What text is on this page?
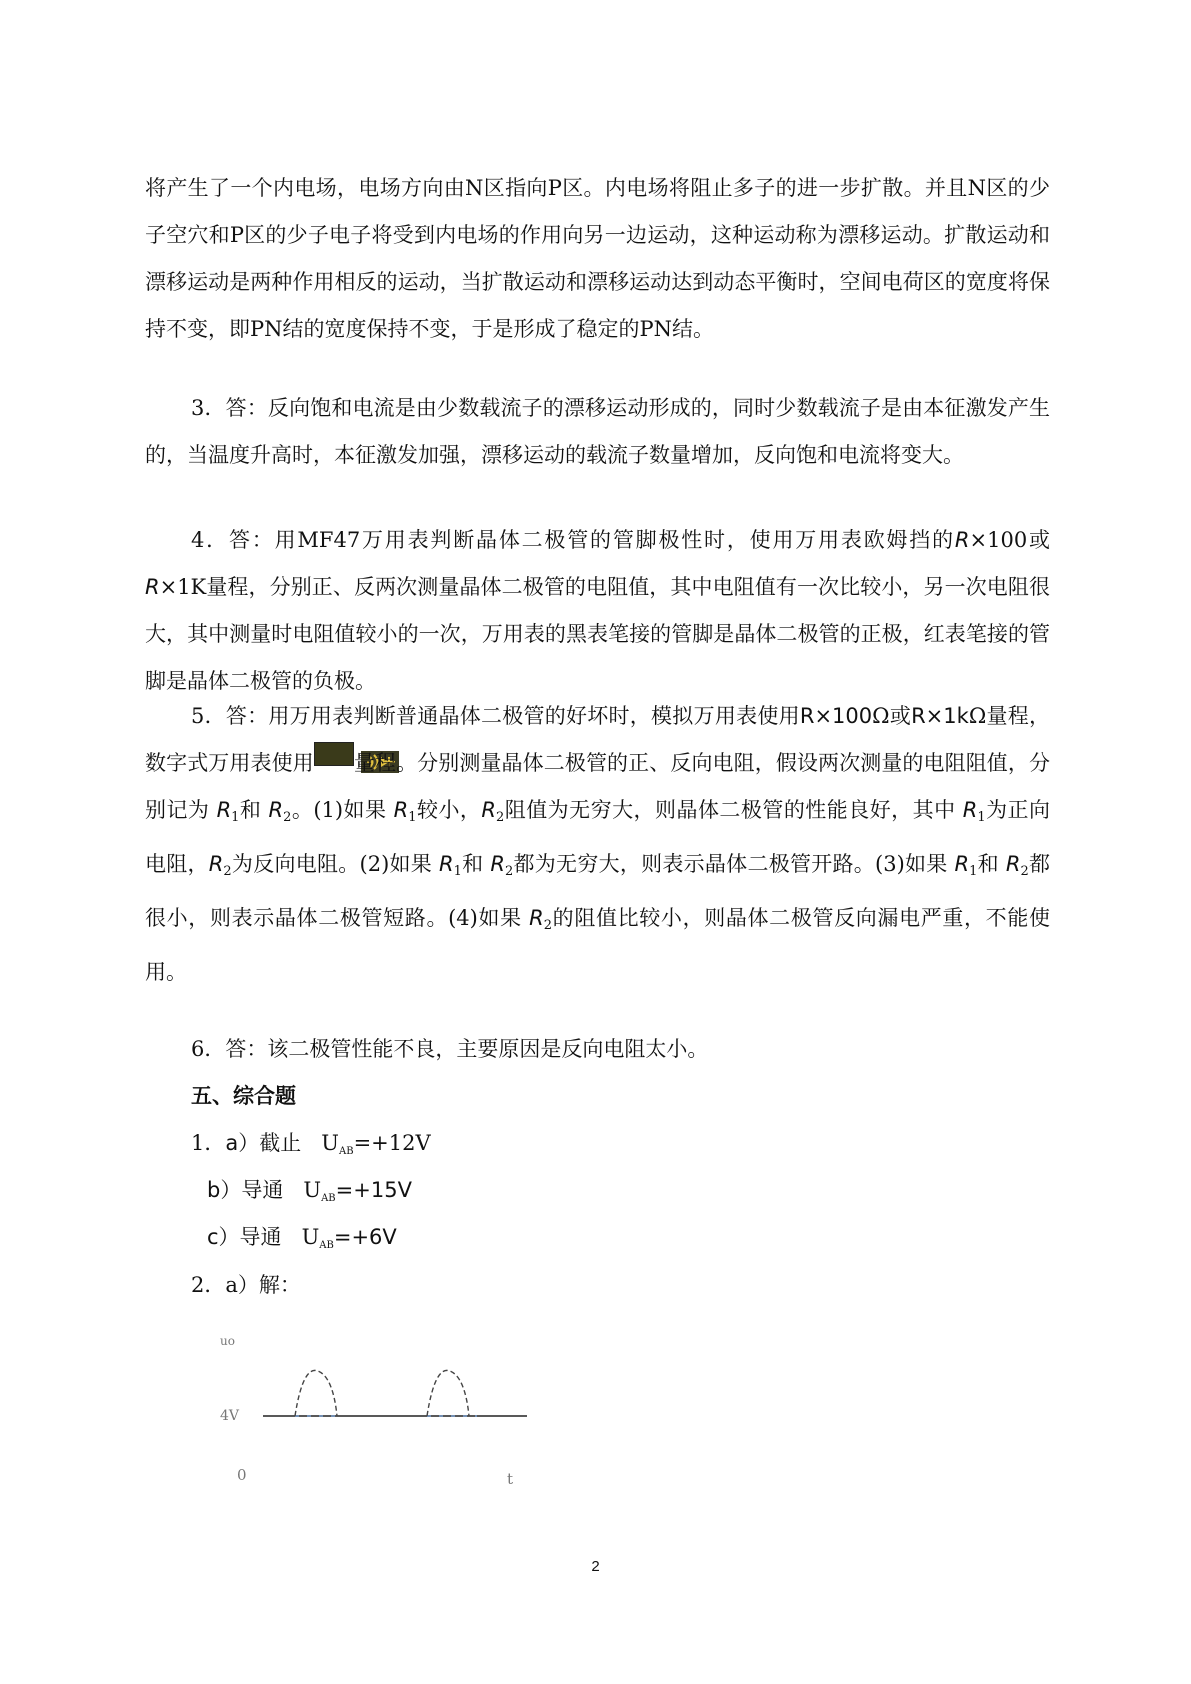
将产生了一个内电场，电场方向由N区指向P区。内电场将阻止多子的进一步扩散。并且N区的少子空穴和P区的少子电子将受到内电场的作用向另一边运动，这种运动称为漂移运动。扩散运动和漂移运动是两种作用相反的运动，当扩散运动和漂移运动达到动态平衡时，空间电荷区的宽度将保持不变，即PN结的宽度保持不变，于是形成了稳定的PN结。

3．答：反向饱和电流是由少数载流子的漂移运动形成的，同时少数载流子是由本征激发产生的，当温度升高时，本征激发加强，漂移运动的载流子数量增加，反向饱和电流将变大。

4．答：用MF47万用表判断晶体二极管的管脚极性时，使用万用表欧姆挡的R×100或R×1K量程，分别正、反两次测量晶体二极管的电阻值，其中电阻值有一次比较小，另一次电阻很大，其中测量时电阻值较小的一次，万用表的黑表笔接的管脚是晶体二极管的正极，红表笔接的管脚是晶体二极管的负极。

5．答：用万用表判断普通晶体二极管的好坏时，模拟万用表使用R×100Ω或R×1kΩ量程，数字式万用表使用 量程。分别测量晶体二极管的正、反向电阻，假设两次测量的电阻阻值，分别记为 $R_1$和 $R_2$。(1)如果 $R_1$较小，$R_2$阻值为无穷大，则晶体二极管的性能良好，其中 $R_1$为正向电阻，$R_2$为反向电阻。(2)如果 $R_1$和 $R_2$都为无穷大，则表示晶体二极管开路。(3)如果 $R_1$和 $R_2$都很小，则表示晶体二极管短路。(4)如果 $R_2$的阻值比较小，则晶体二极管反向漏电严重，不能使用。

6．答：该二极管性能不良，主要原因是反向电阻太小。

五、综合题
1．a）截止 $U_{AB}=+12V$
b）导通 $U_{AB}=+15V$
c）导通 $U_{AB}=+6V$
2．a）解：
uo
4V
0	t
2
